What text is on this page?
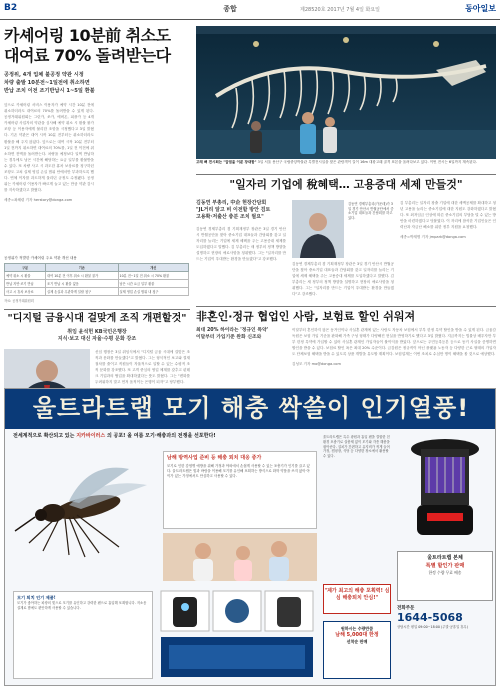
B2	종합	제28520호 2017년 7월 4일 화요일	동아일보
카셰어링 10분前 취소도
대여료 70% 돌려받는다
공정위, 4개 업체 불공정 약관 시정
차량 출발 10분전~1일전에 취소하면
반납 조치 이전 조기반납시 1~5일 환불
앞으로 카셰어링 서비스 이용자가 예약 시간 10분 전에 취소하더라도 대여료의 70%를 돌려받을 수 있게 된다. 공정거래위원회는 그린카, 쏘카, 에버온, 피플카 등 4개 카셰어링 사업자의 약관을 심사해 예약 취소 시 환불 불가 조항 등 이용자에게 불리한 조항을 시정했다고 3일 밝혔다. 기존 약관은 대여 시작 10분 전부터는 취소하더라도 환불을 해 주지 않았다. 앞으로는 대여 시작 10분 전부터 1일 전까지 취소하면 대여료의 70%를, 1일 전 이전에 취소하면 전액을 돌려받는다. 차량을 예정보다 일찍 반납하는 경우에도 남은 시간에 해당하는 요금 일부를 환불받을 수 있다. 또 차량 사고 시 과도한 휴차 보상료를 청구하던 조항도 고쳐 실제 영업 손실 범위 안에서만 부과하도록 했다. 연체 이자를 과도하게 물리던 규정도 수정됐다. 공정위는 카셰어링 이용자가 빠르게 늘고 있는 만큼 약관 감시를 지속하겠다고 밝혔다.
세종=최혜령 기자 herstory@donga.com
공정위가 적발한 카셰어링 주요 약관 개선 내용
구분	기존	개선
예약 취소 시 환불	대여 10분 전 이후 취소 시 환불 불가	10분 전~1일 전 취소 시 70% 환불
반납 지연·조기 반납	조기 반납 시 환불 없음	남은 시간 요금 일부 환불
사고 시 휴차 보상료	실제 손실과 무관하게 일괄 청구	실제 영업 손실 범위 내 청구
자료: 공정거래위원회
고래 뼈 전시회는 "압권을 이룬 장대함" 3일 서울 용산구 국립중앙박물관 특별전시실을 찾은 관람객이 길이 16m 대왕고래 골격 표본을 올려다보고 있다. 이번 전시는 6일까지 계속된다.
"일자리 기업에 稅혜택… 고용증대 세제 만들것"
김동연 부총리, 中企 현장간담회
"JL거리 알고 비 이전할 방안 검토
고용확·저출산 충분 조치 필요"
김동연 경제부총리 겸 기획재정부 장관은 3일 경기 안산시 반월공단을 찾아 중소기업 대표들과 간담회를 갖고 일자리를 늘리는 기업에 세제 혜택을 주는 고용증대 세제를 도입하겠다고 말했다. 김 부총리는 새 정부의 정책 방향을 설명하고 현장의 애로사항을 청취했다. 그는 "일자리를 만드는 기업이 우대받는 환경을 만들겠다"고 강조했다.
김동연 경제부총리(가운데)가 3일 경기 안산시 반월공단에서 중소기업 대표들과 간담회를 하고 있다.
김동연 경제부총리 겸 기획재정부 장관은 3일 경기 안산시 반월공단을 찾아 중소기업 대표들과 간담회를 갖고 일자리를 늘리는 기업에 세제 혜택을 주는 고용증대 세제를 도입하겠다고 말했다. 김 부총리는 새 정부의 정책 방향을 설명하고 현장의 애로사항을 청취했다. 그는 "일자리를 만드는 기업이 우대받는 환경을 만들겠다"고 강조했다.
김 부총리는 일자리 창출 기업에 대한 세액공제를 확대하고 청년 고용을 늘리는 중소기업에 대한 지원도 강화하겠다고 밝혔다. 또 최저임금 인상에 따른 중소기업의 부담을 덜 수 있는 방안을 마련하겠다고 덧붙였다. 이 자리에 참석한 기업인들은 인력난과 자금난 해소를 위한 정부 지원을 요청했다.
세종=박재명 기자 jmpark@donga.com
"디지털 금융시대 걸맞게 조직 개편할것"
취임 윤석헌 KB국민은행장
지식·보고 대신 자율·수평 문화 강조
신임 행장은 3일 취임식에서 "디지털 금융 시대에 걸맞은 조직과 문화를 만들겠다"고 밝혔다. 그는 형식적인 보고와 결재 절차를 줄이고 직원들이 자율적으로 일할 수 있는 수평적 조직 문화를 강조했다. 또 고객 중심의 영업 체계를 갖추고 핀테크 기업과의 협업을 확대하겠다는 뜻도 밝혔다. 그는 "변화를 두려워하지 말고 먼저 움직이는 은행이 되자"고 당부했다.
非혼인·정규 협업인 사람, 보험료 할인 쉬워져
최대 20% 하이라는 '정규인 특약'
이달부터 가입기준 완화 신조와
이달부터 혼인하지 않은 동거인이나 사실혼 관계에 있는 사람도 자동차 보험에서 부부 한정 특약 할인을 받을 수 있게 된다. 금융감독원은 보험 가입 기준을 완화해 가족 구성 형태가 다양해진 현실을 반영하기로 했다고 3일 밝혔다. 지금까지는 법률상 배우자만 부부 한정 특약에 가입할 수 있어 사실혼 관계인 가입자들이 불이익을 받았다. 앞으로는 주민등록등본 등으로 동거 사실을 증명하면 할인을 받을 수 있다. 보험료 할인 폭은 최대 20% 수준이다. 금감원은 정규직이 아닌 플랫폼 노동자 등 다양한 근로 형태의 가입자도 단체보험 혜택을 받을 수 있도록 상품 개발을 유도할 계획이다. 보험업계는 이번 조치로 수십만 명이 혜택을 볼 것으로 예상했다.
김성모 기자 mo@donga.com
울트라트랩 모기 해충 싹쓸이 인기열풍!
전세계적으로 확산되고 있는 지카바이러스 의 공포! 올 여름 모기·해충과의 전쟁을 선포한다!
남해 방역사업 준비 등 해충 퇴치 대응 증가
모기로 인한 감염병 예방을 위해 가정과 야외에서 손쉽게 사용할 수 있는 포충기가 인기를 끌고 있다. 울트라트랩은 빛과 바람을 이용해 모기를 유인해 포획하는 방식으로 화학 약품을 쓰지 않아 아이가 있는 가정에서도 안심하고 사용할 수 있다.
모기 퇴치 인기 제품!
모기가 좋아하는 파장의 빛으로 모기를 유인하고 강력한 팬으로 흡입해 포획합니다. 저소음 설계로 밤에도 편안하게 사용할 수 있습니다.
울트라트랩은 특수 광원과 흡입 팬을 결합한 친환경 포충기로 살충제 없이 모기와 각종 해충을 잡아준다. 설치가 간편하고 유지비가 적게 들어 가정, 캠핑장, 식당 등 다양한 장소에서 활용할 수 있다.
"제가 최고의 해충 포획력! 심심 해충퇴치 안심!"
울트라트랩 본체
특별 할인가 판매
한정 수량 무료 배송
원하시는 수량만큼
남해 5,000대 한정
선착순 판매
전화주문
1644-5068
상담시간 평일 09:00~18:00 (주말·공휴일 휴무)
